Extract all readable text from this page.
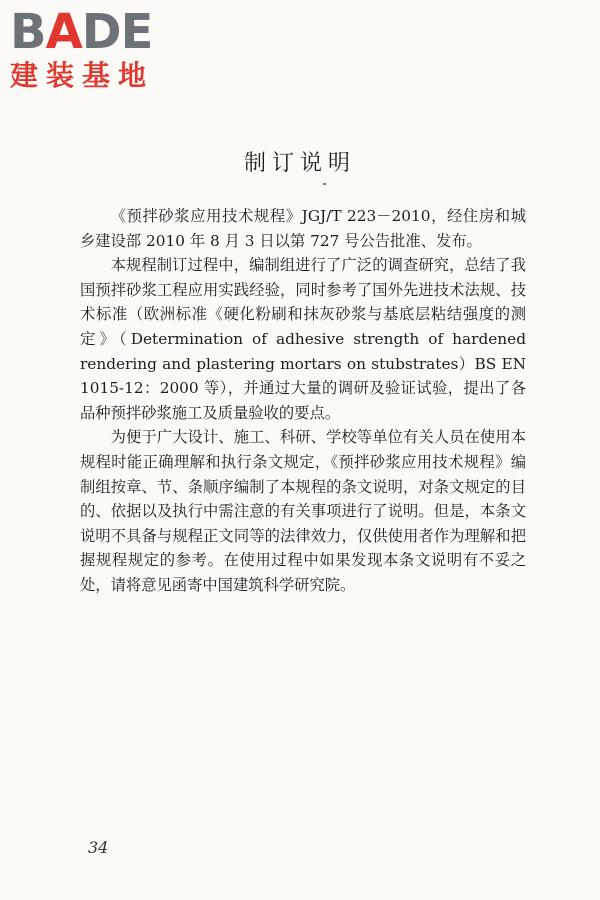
BADE
建装基地
制订说明

《预拌砂浆应用技术规程》JGJ/T 223－2010，经住房和城乡建设部 2010 年 8 月 3 日以第 727 号公告批准、发布。

本规程制订过程中，编制组进行了广泛的调查研究，总结了我国预拌砂浆工程应用实践经验，同时参考了国外先进技术法规、技术标准（欧洲标准《硬化粉刷和抹灰砂浆与基底层粘结强度的测定》（Determination of adhesive strength of hardened rendering and plastering mortars on stubstrates）BS EN 1015-12：2000 等），并通过大量的调研及验证试验，提出了各品种预拌砂浆施工及质量验收的要点。

为便于广大设计、施工、科研、学校等单位有关人员在使用本规程时能正确理解和执行条文规定，《预拌砂浆应用技术规程》编制组按章、节、条顺序编制了本规程的条文说明，对条文规定的目的、依据以及执行中需注意的有关事项进行了说明。但是，本条文说明不具备与规程正文同等的法律效力，仅供使用者作为理解和把握规程规定的参考。在使用过程中如果发现本条文说明有不妥之处，请将意见函寄中国建筑科学研究院。

34
